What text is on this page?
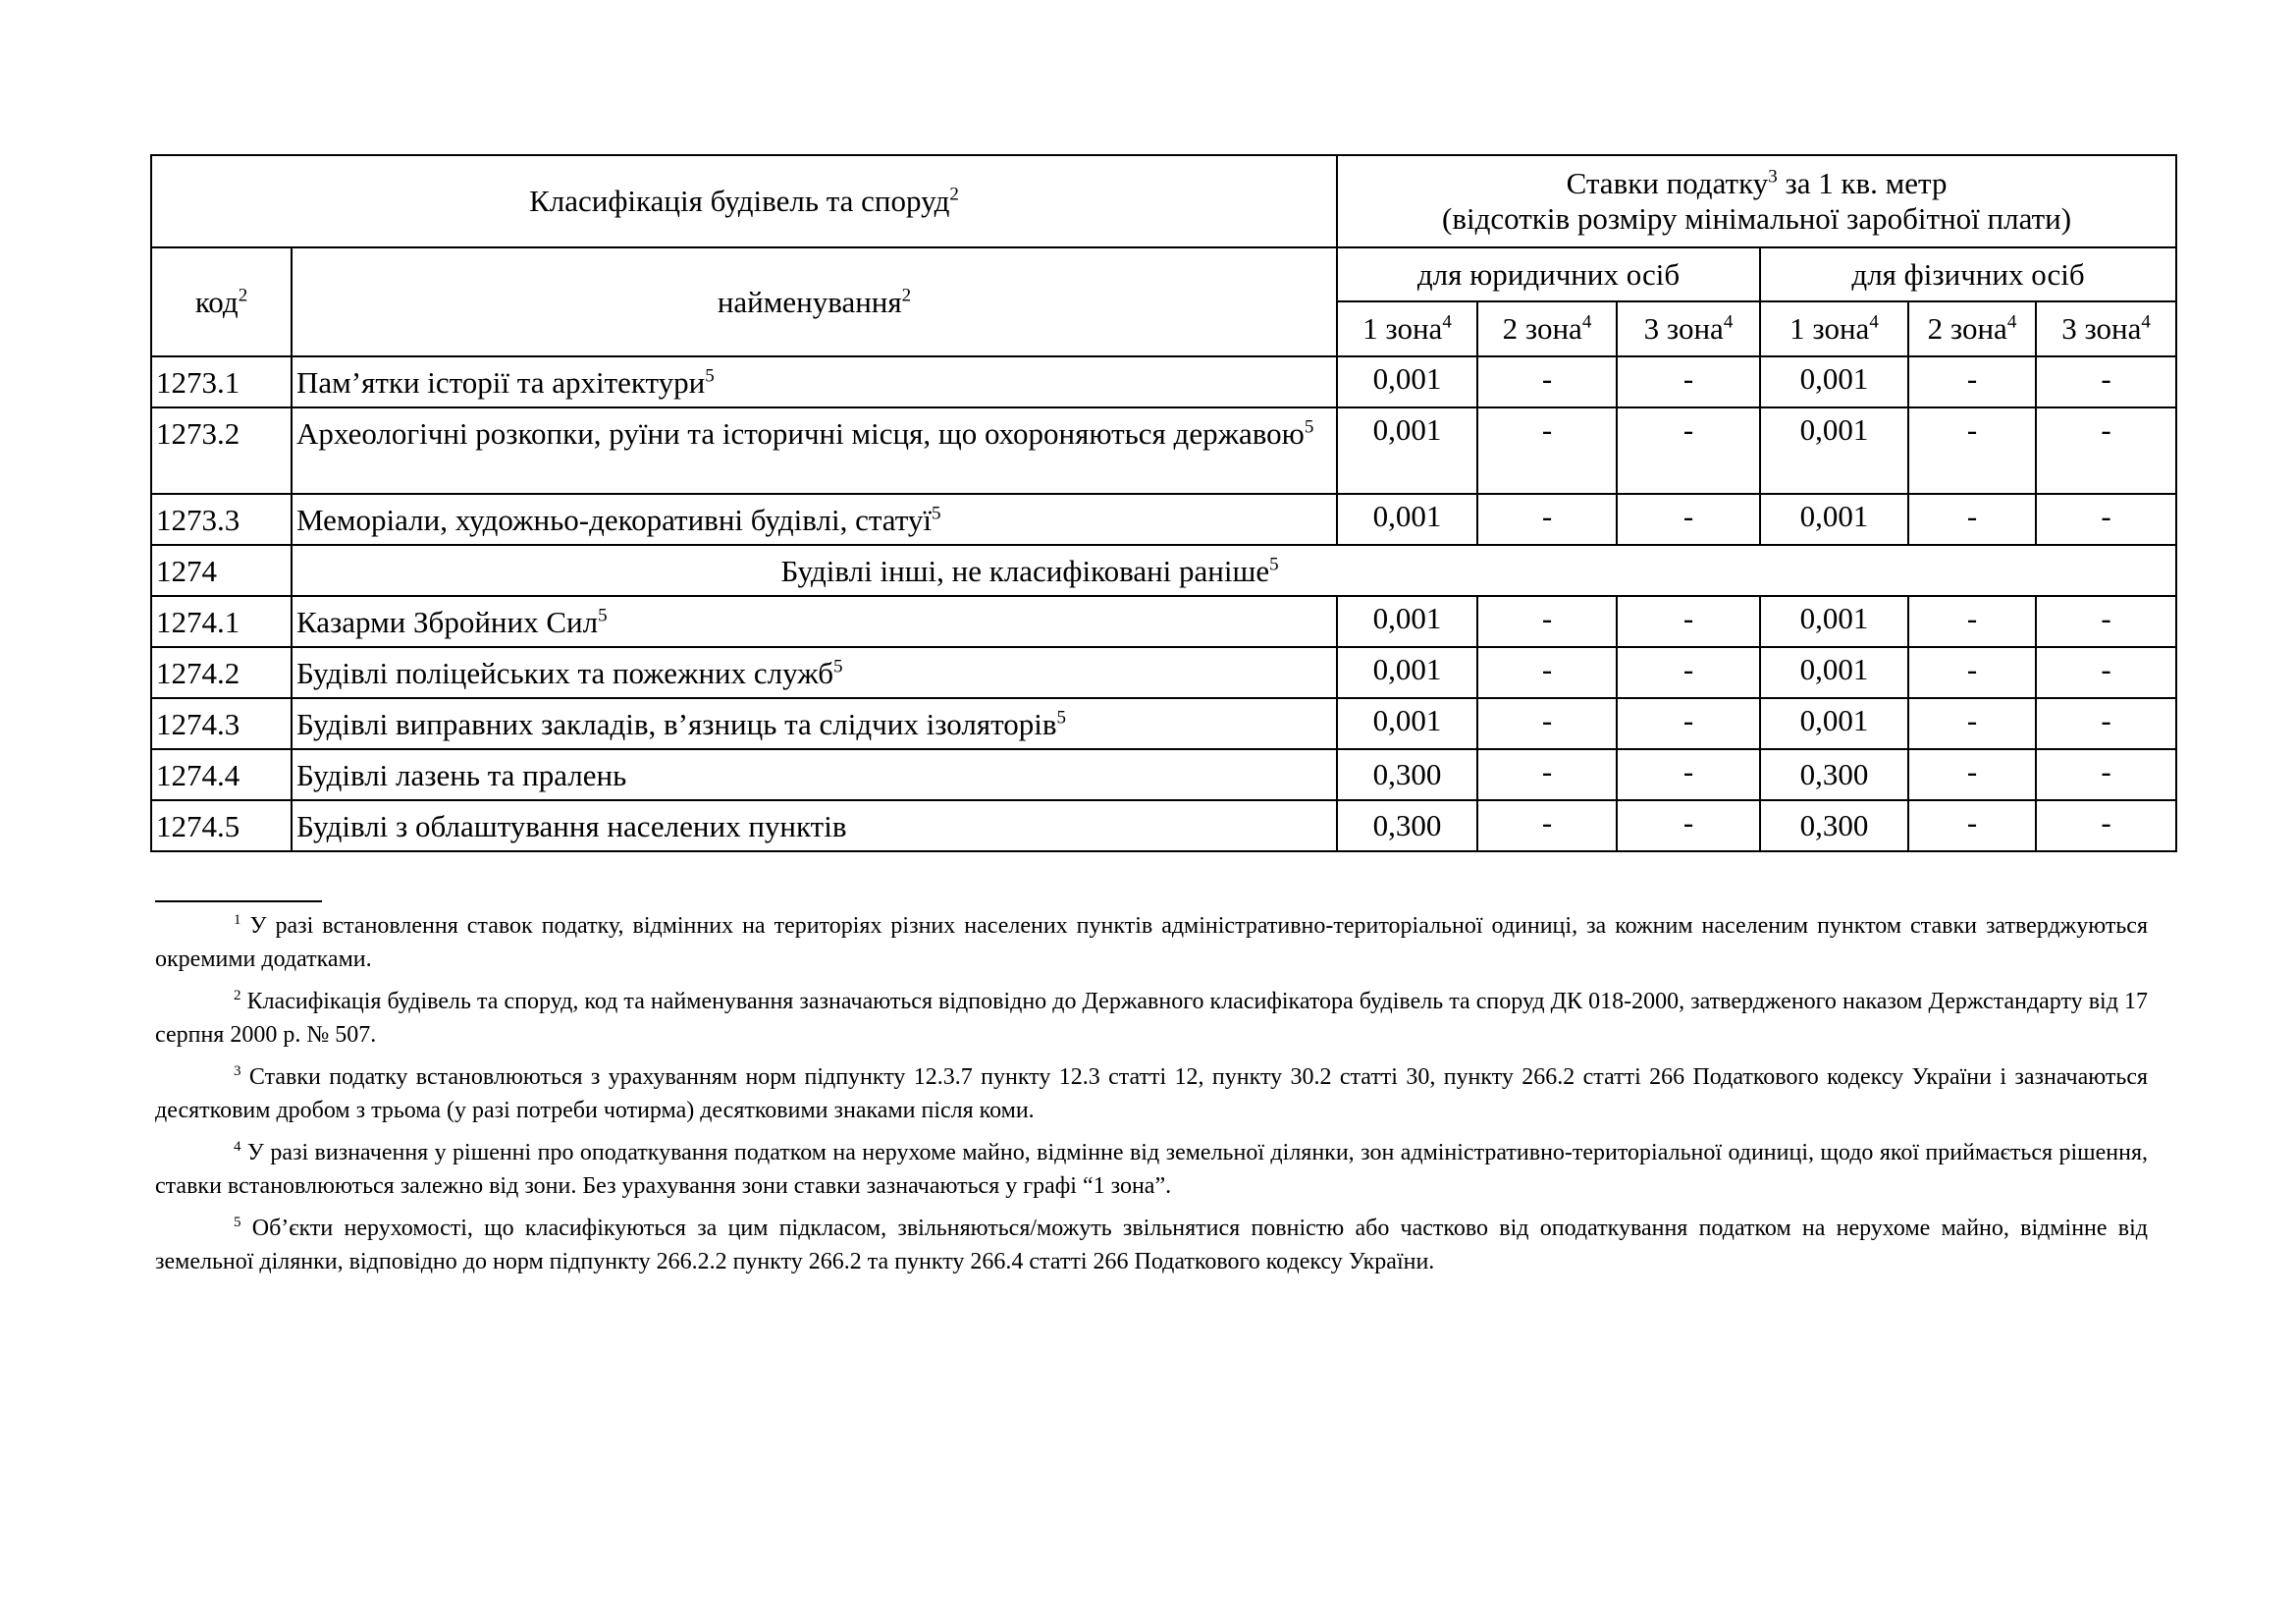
Класифікація будівель та споруд$^2$		Ставки податку$^3$ за 1 кв. метр
(відсотків розміру мінімальної заробітної плати)					
код$^2$	найменування$^2$	для юридичних осіб			для фізичних осіб		
		1 зона$^4$	2 зона$^4$	3 зона$^4$	1 зона$^4$	2 зона$^4$	3 зона$^4$
1273.1	Пам’ятки історії та архітектури$^5$	0,001	-	-	0,001	-	-
1273.2	Археологічні розкопки, руїни та історичні місця, що охороняються державою$^5$	0,001	-	-	0,001	-	-
1273.3	Меморіали, художньо-декоративні будівлі, статуї$^5$	0,001	-	-	0,001	-	-
1274	Будівлі інші, не класифіковані раніше$^5$
1274.1	Казарми Збройних Сил$^5$	0,001	-	-	0,001	-	-
1274.2	Будівлі поліцейських та пожежних служб$^5$	0,001	-	-	0,001	-	-
1274.3	Будівлі виправних закладів, в’язниць та слідчих ізоляторів$^5$	0,001	-	-	0,001	-	-
1274.4	Будівлі лазень та пралень	0,300	-	-	0,300	-	-
1274.5	Будівлі з облаштування населених пунктів	0,300	-	-	0,300	-	-

$^1$ У разі встановлення ставок податку, відмінних на територіях різних населених пунктів адміністративно-територіальної одиниці, за кожним населеним пунктом ставки затверджуються окремими додатками.

$^2$ Класифікація будівель та споруд, код та найменування зазначаються відповідно до Державного класифікатора будівель та споруд ДК 018-2000, затвердженого наказом Держстандарту від 17 серпня 2000 р. № 507.

$^3$ Ставки податку встановлюються з урахуванням норм підпункту 12.3.7 пункту 12.3 статті 12, пункту 30.2 статті 30, пункту 266.2 статті 266 Податкового кодексу України і зазначаються десятковим дробом з трьома (у разі потреби чотирма) десятковими знаками після коми.

$^4$ У разі визначення у рішенні про оподаткування податком на нерухоме майно, відмінне від земельної ділянки, зон адміністративно-територіальної одиниці, щодо якої приймається рішення, ставки встановлюються залежно від зони. Без урахування зони ставки зазначаються у графі “1 зона”.

$^5$ Об’єкти нерухомості, що класифікуються за цим підкласом, звільняються/можуть звільнятися повністю або частково від оподаткування податком на нерухоме майно, відмінне від земельної ділянки, відповідно до норм підпункту 266.2.2 пункту 266.2 та пункту 266.4 статті 266 Податкового кодексу України.
